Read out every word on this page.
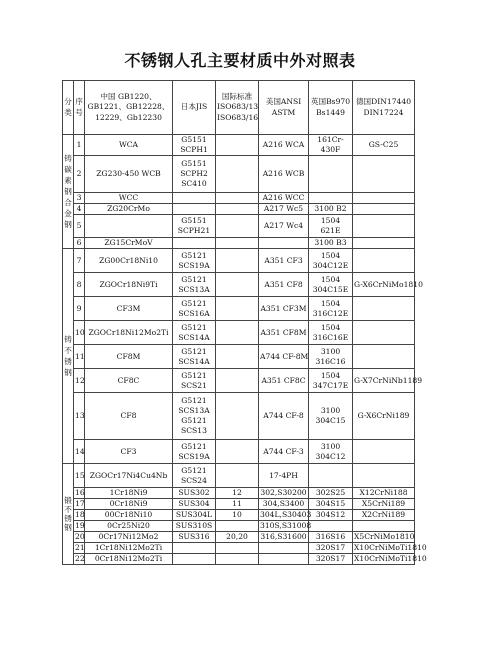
不锈钢人孔主要材质中外对照表
分类	序号	中国 GB1220、GB1221、GB12228、12229、Gb12230	日本JIS	国际标准 ISO683/13 ISO683/16	美国ANSI ASTM	英国Bs970 Bs1449	德国DIN17440 DIN17224
铸碳素钢合金钢	1	WCA	G5151 SCPH1		A216 WCA	161Cr-430F	GS-C25
	2	ZG230-450 WCB	G5151 SCPH2 SC410		A216 WCB		
	3	WCC			A216 WCC		
	4	ZG20CrMo			A217 Wc5	3100 B2	
	5		G5151 SCPH21		A217 Wc4	1504 621E	
	6	ZG15CrMoV				3100 B3	
铸不锈钢	7	ZG00Cr18Ni10	G5121 SCS19A		A351 CF3	1504 304C12E	
	8	ZGOCr18Ni9Ti	G5121 SCS13A		A351 CF8	1504 304C15E	G-X6CrNiMo1810
	9	CF3M	G5121 SCS16A		A351 CF3M	1504 316C12E	
	10	ZGOCr18Ni12Mo2Ti	G5121 SCS14A		A351 CF8M	1504 316C16E	
	11	CF8M	G5121 SCS14A		A744 CF-8M	3100 316C16	
	12	CF8C	G5121 SCS21		A351 CF8C	1504 347C17E	G-X7CrNiNb1189
	13	CF8	G5121 SCS13A G5121 SCS13		A744 CF-8	3100 304C15	G-X6CrNi189
	14	CF3	G5121 SCS19A		A744 CF-3	3100 304C12	
锻不锈钢	15	ZGOCr17Ni4Cu4Nb	G5121 SCS24		17-4PH		
	16	1Cr18Ni9	SUS302	12	302,S30200	302S25	X12CrNi188
	17	0Cr18Ni9	SUS304	11	304,S3400	304S15	X5CrNi189
	18	00Cr18Ni10	SUS304L	10	304L,S30403	304S12	X2CrNi189
	19	0Cr25Ni20	SUS310S		310S,S31008		
	20	0Cr17Ni12Mo2	SUS316	20,20	316,S31600	316S16	X5CrNiMo1810
	21	1Cr18Ni12Mo2Ti				320S17	X10CrNiMoTi1810
	22	0Cr18Ni12Mo2Ti				320S17	X10CrNiMoTi1810
